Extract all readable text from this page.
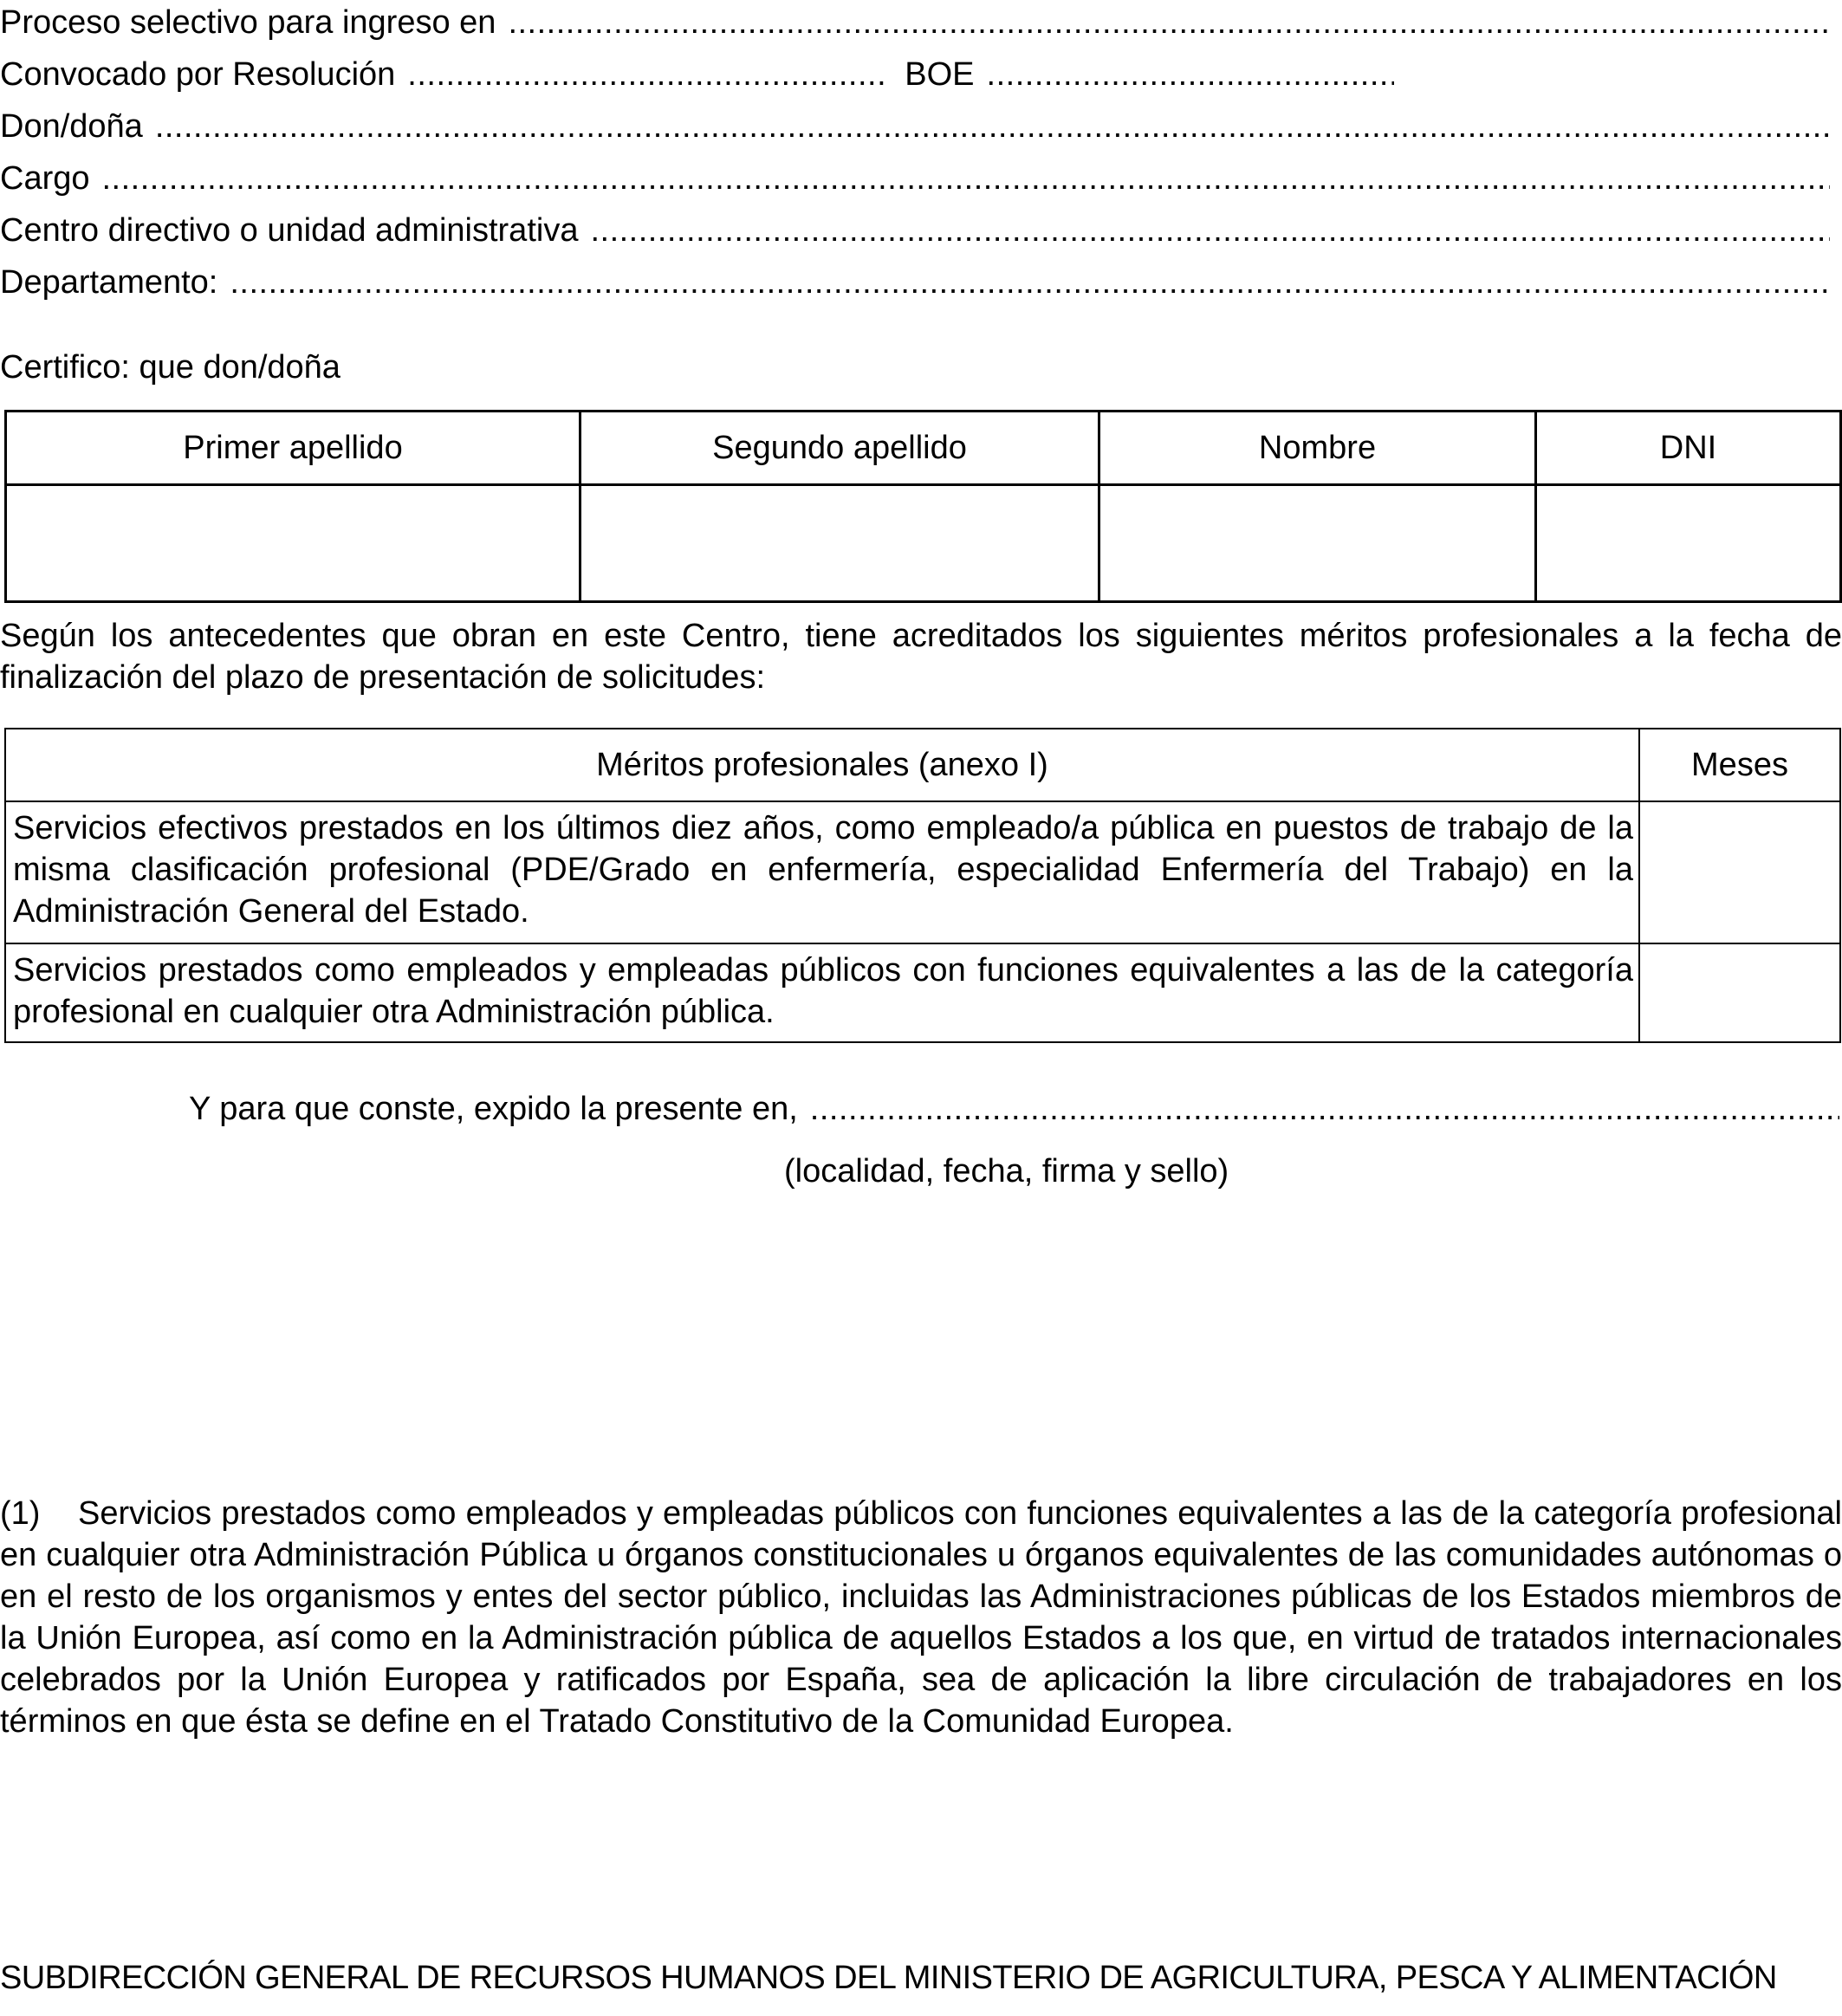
Proceso selectivo para ingreso en
.....
Convocado por Resolución .....	BOE
.....
Don/doña
.....
Cargo
.....
Centro directivo o unidad administrativa
.....
Departamento:
.....
Certifico: que don/doña
Primer apellido	Segundo apellido	Nombre	DNI

Según los antecedentes que obran en este Centro, tiene acreditados los siguientes méritos profesionales a la fecha de finalización del plazo de presentación de solicitudes:
Méritos profesionales (anexo I)	Meses
Servicios efectivos prestados en los últimos diez años, como empleado/a pública en puestos de trabajo de la misma clasificación profesional (PDE/Grado en enfermería, especialidad Enfermería del Trabajo) en la Administración General del Estado.	
Servicios prestados como empleados y empleadas públicos con funciones equivalentes a las de la categoría profesional en cualquier otra Administración pública.	
Y para que conste, expido la presente en,
.....
(localidad, fecha, firma y sello)
(1) Servicios prestados como empleados y empleadas públicos con funciones equivalentes a las de la categoría profesional en cualquier otra Administración Pública u órganos constitucionales u órganos equivalentes de las comunidades autónomas o en el resto de los organismos y entes del sector público, incluidas las Administraciones públicas de los Estados miembros de la Unión Europea, así como en la Administración pública de aquellos Estados a los que, en virtud de tratados internacionales celebrados por la Unión Europea y ratificados por España, sea de aplicación la libre circulación de trabajadores en los términos en que ésta se define en el Tratado Constitutivo de la Comunidad Europea.
SUBDIRECCIÓN GENERAL DE RECURSOS HUMANOS DEL MINISTERIO DE AGRICULTURA, PESCA Y ALIMENTACIÓN
